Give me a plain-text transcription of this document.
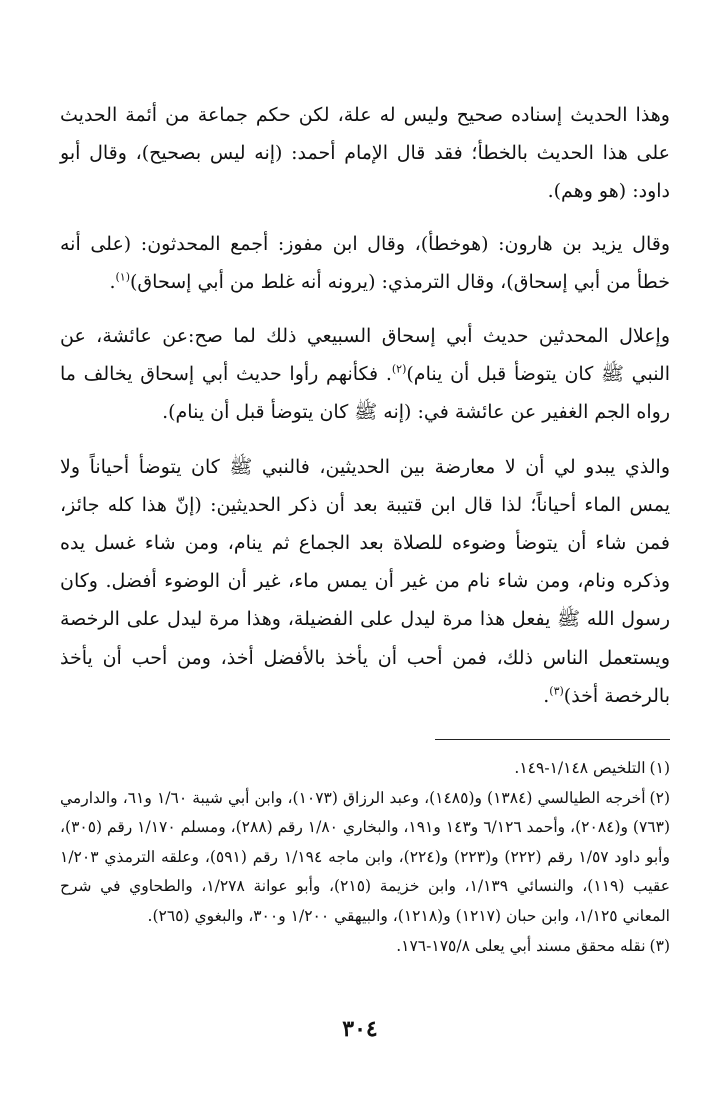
وهذا الحديث إسناده صحيح وليس له علة، لكن حكم جماعة من أئمة الحديث على هذا الحديث بالخطأ؛ فقد قال الإمام أحمد: (إنه ليس بصحيح)، وقال أبو داود: (هو وهم).
وقال يزيد بن هارون: (هوخطأ)، وقال ابن مفوز: أجمع المحدثون: (على أنه خطأ من أبي إسحاق)، وقال الترمذي: (يرونه أنه غلط من أبي إسحاق)$^{(١)}$.
وإعلال المحدثين حديث أبي إسحاق السبيعي ذلك لما صح:عن عائشة، عن النبي ﷺ كان يتوضأ قبل أن ينام)$^{(٢)}$. فكأنهم رأوا حديث أبي إسحاق يخالف ما رواه الجم الغفير عن عائشة في: (إنه ﷺ كان يتوضأ قبل أن ينام).
والذي يبدو لي أن لا معارضة بين الحديثين، فالنبي ﷺ كان يتوضأ أحياناً ولا يمس الماء أحياناً؛ لذا قال ابن قتيبة بعد أن ذكر الحديثين: (إنّ هذا كله جائز، فمن شاء أن يتوضأ وضوءه للصلاة بعد الجماع ثم ينام، ومن شاء غسل يده وذكره ونام، ومن شاء نام من غير أن يمس ماء، غير أن الوضوء أفضل. وكان رسول الله ﷺ يفعل هذا مرة ليدل على الفضيلة، وهذا مرة ليدل على الرخصة ويستعمل الناس ذلك، فمن أحب أن يأخذ بالأفضل أخذ، ومن أحب أن يأخذ بالرخصة أخذ)$^{(٣)}$.

(١)التلخيص ١/١٤٨-١٤٩.

(٢)أخرجه الطيالسي (١٣٨٤) و(١٤٨٥)، وعبد الرزاق (١٠٧٣)، وابن أبي شيبة ١/٦٠ و٦١، والدارمي (٧٦٣) و(٢٠٨٤)، وأحمد ٦/١٢٦ و١٤٣ و١٩١، والبخاري ١/٨٠ رقم (٢٨٨)، ومسلم ١/١٧٠ رقم (٣٠٥)، وأبو داود ١/٥٧ رقم (٢٢٢) و(٢٢٣) و(٢٢٤)، وابن ماجه ١/١٩٤ رقم (٥٩١)، وعلقه الترمذي ١/٢٠٣ عقيب (١١٩)، والنسائي ١/١٣٩، وابن خزيمة (٢١٥)، وأبو عوانة ١/٢٧٨، والطحاوي في شرح المعاني ١/١٢٥، وابن حبان (١٢١٧) و(١٢١٨)، والبيهقي ١/٢٠٠ و٣٠٠، والبغوي (٢٦٥).

(٣)نقله محقق مسند أبي يعلى ١٧٥/٨-١٧٦.

٣٠٤
